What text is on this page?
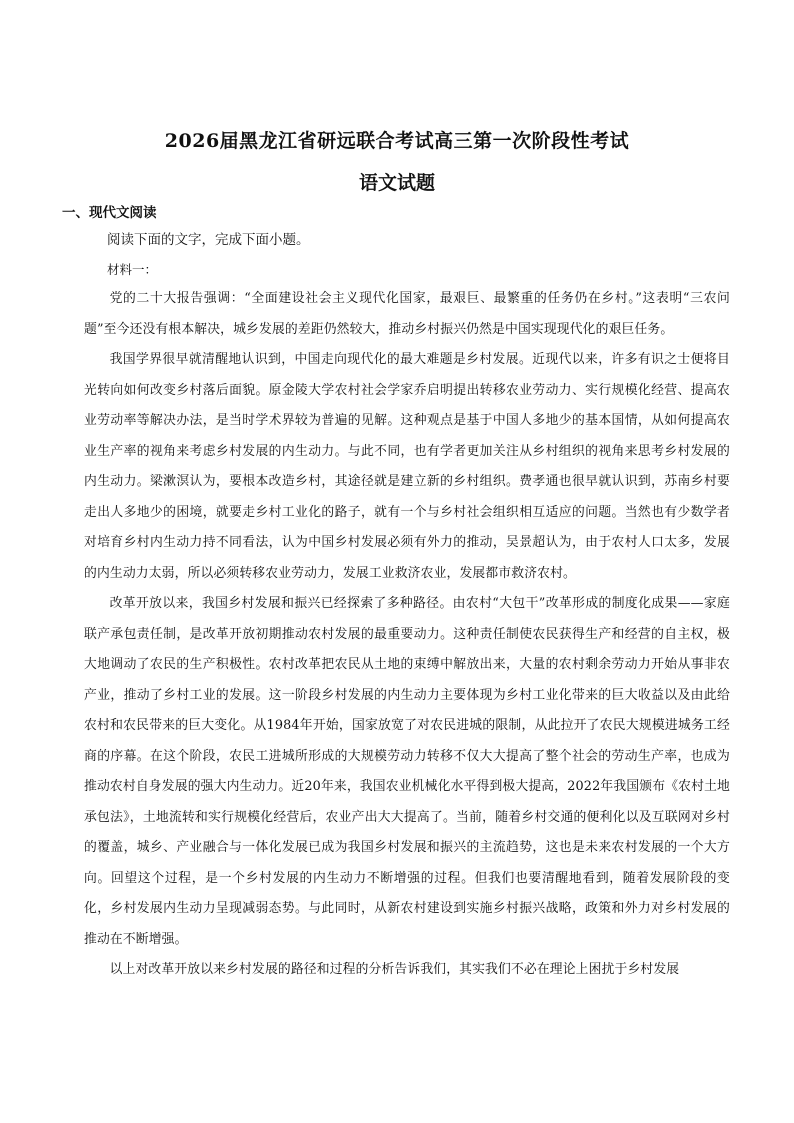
2026届黑龙江省研远联合考试高三第一次阶段性考试
语文试题
一、现代文阅读
阅读下面的文字，完成下面小题。
材料一：

党的二十大报告强调：“全面建设社会主义现代化国家，最艰巨、最繁重的任务仍在乡村。”这表明“三农问题”至今还没有根本解决，城乡发展的差距仍然较大，推动乡村振兴仍然是中国实现现代化的艰巨任务。

我国学界很早就清醒地认识到，中国走向现代化的最大难题是乡村发展。近现代以来，许多有识之士便将目光转向如何改变乡村落后面貌。原金陵大学农村社会学家乔启明提出转移农业劳动力、实行规模化经营、提高农业劳动率等解决办法，是当时学术界较为普遍的见解。这种观点是基于中国人多地少的基本国情，从如何提高农业生产率的视角来考虑乡村发展的内生动力。与此不同，也有学者更加关注从乡村组织的视角来思考乡村发展的内生动力。梁漱溟认为，要根本改造乡村，其途径就是建立新的乡村组织。费孝通也很早就认识到，苏南乡村要走出人多地少的困境，就要走乡村工业化的路子，就有一个与乡村社会组织相互适应的问题。当然也有少数学者对培育乡村内生动力持不同看法，认为中国乡村发展必须有外力的推动，吴景超认为，由于农村人口太多，发展的内生动力太弱，所以必须转移农业劳动力，发展工业救济农业，发展都市救济农村。

改革开放以来，我国乡村发展和振兴已经探索了多种路径。由农村“大包干”改革形成的制度化成果——家庭联产承包责任制，是改革开放初期推动农村发展的最重要动力。这种责任制使农民获得生产和经营的自主权，极大地调动了农民的生产积极性。农村改革把农民从土地的束缚中解放出来，大量的农村剩余劳动力开始从事非农产业，推动了乡村工业的发展。这一阶段乡村发展的内生动力主要体现为乡村工业化带来的巨大收益以及由此给农村和农民带来的巨大变化。从1984年开始，国家放宽了对农民进城的限制，从此拉开了农民大规模进城务工经商的序幕。在这个阶段，农民工进城所形成的大规模劳动力转移不仅大大提高了整个社会的劳动生产率，也成为推动农村自身发展的强大内生动力。近20年来，我国农业机械化水平得到极大提高，2022年我国颁布《农村土地承包法》，土地流转和实行规模化经营后，农业产出大大提高了。当前，随着乡村交通的便利化以及互联网对乡村的覆盖，城乡、产业融合与一体化发展已成为我国乡村发展和振兴的主流趋势，这也是未来农村发展的一个大方向。回望这个过程，是一个乡村发展的内生动力不断增强的过程。但我们也要清醒地看到，随着发展阶段的变化，乡村发展内生动力呈现减弱态势。与此同时，从新农村建设到实施乡村振兴战略，政策和外力对乡村发展的推动在不断增强。

以上对改革开放以来乡村发展的路径和过程的分析告诉我们，其实我们不必在理论上困扰于乡村发展
